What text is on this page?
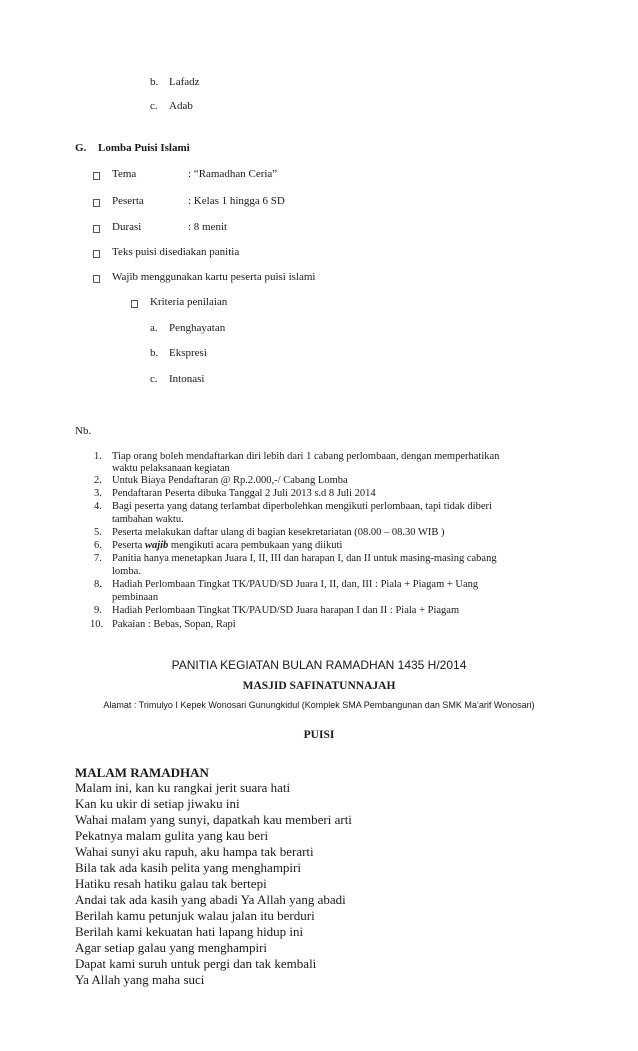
b. Lafadz
c. Adab
G. Lomba Puisi Islami
Tema	: “Ramadhan Ceria”
Peserta	: Kelas 1 hingga 6 SD
Durasi	: 8 menit
Teks puisi disediakan panitia
Wajib menggunakan kartu peserta puisi islami
Kriteria penilaian
a. Penghayatan
b. Ekspresi
c. Intonasi
Nb.
1. Tiap orang boleh mendaftarkan diri lebih dari 1 cabang perlombaan, dengan memperhatikan
waktu pelaksanaan kegiatan
2. Untuk Biaya Pendaftaran @ Rp.2.000,-/ Cabang Lomba
3. Pendaftaran Peserta dibuka Tanggal 2 Juli 2013 s.d 8 Juli 2014
4. Bagi peserta yang datang terlambat diperbolehkan mengikuti perlombaan, tapi tidak diberi
tambahan waktu.
5. Peserta melakukan daftar ulang di bagian kesekretariatan (08.00 – 08.30 WIB )
6. Peserta wajib mengikuti acara pembukaan yang diikuti
7. Panitia hanya menetapkan Juara I, II, III dan harapan I, dan II untuk masing-masing cabang
lomba.
8. Hadiah Perlombaan Tingkat TK/PAUD/SD Juara I, II, dan, III : Piala + Piagam + Uang
pembinaan
9. Hadiah Perlombaan Tingkat TK/PAUD/SD Juara harapan I dan II : Piala + Piagam
10. Pakaian : Bebas, Sopan, Rapi
PANITIA KEGIATAN BULAN RAMADHAN 1435 H/2014
MASJID SAFINATUNNAJAH
Alamat : Trimulyo I Kepek Wonosari Gunungkidul (Komplek SMA Pembangunan dan SMK Ma’arif Wonosari)
PUISI
MALAM RAMADHAN
Malam ini, kan ku rangkai jerit suara hati
Kan ku ukir di setiap jiwaku ini
Wahai malam yang sunyi, dapatkah kau memberi arti
Pekatnya malam gulita yang kau beri
Wahai sunyi aku rapuh, aku hampa tak berarti
Bila tak ada kasih pelita yang menghampiri
Hatiku resah hatiku galau tak bertepi
Andai tak ada kasih yang abadi Ya Allah yang abadi
Berilah kamu petunjuk walau jalan itu berduri
Berilah kami kekuatan hati lapang hidup ini
Agar setiap galau yang menghampiri
Dapat kami suruh untuk pergi dan tak kembali
Ya Allah yang maha suci
